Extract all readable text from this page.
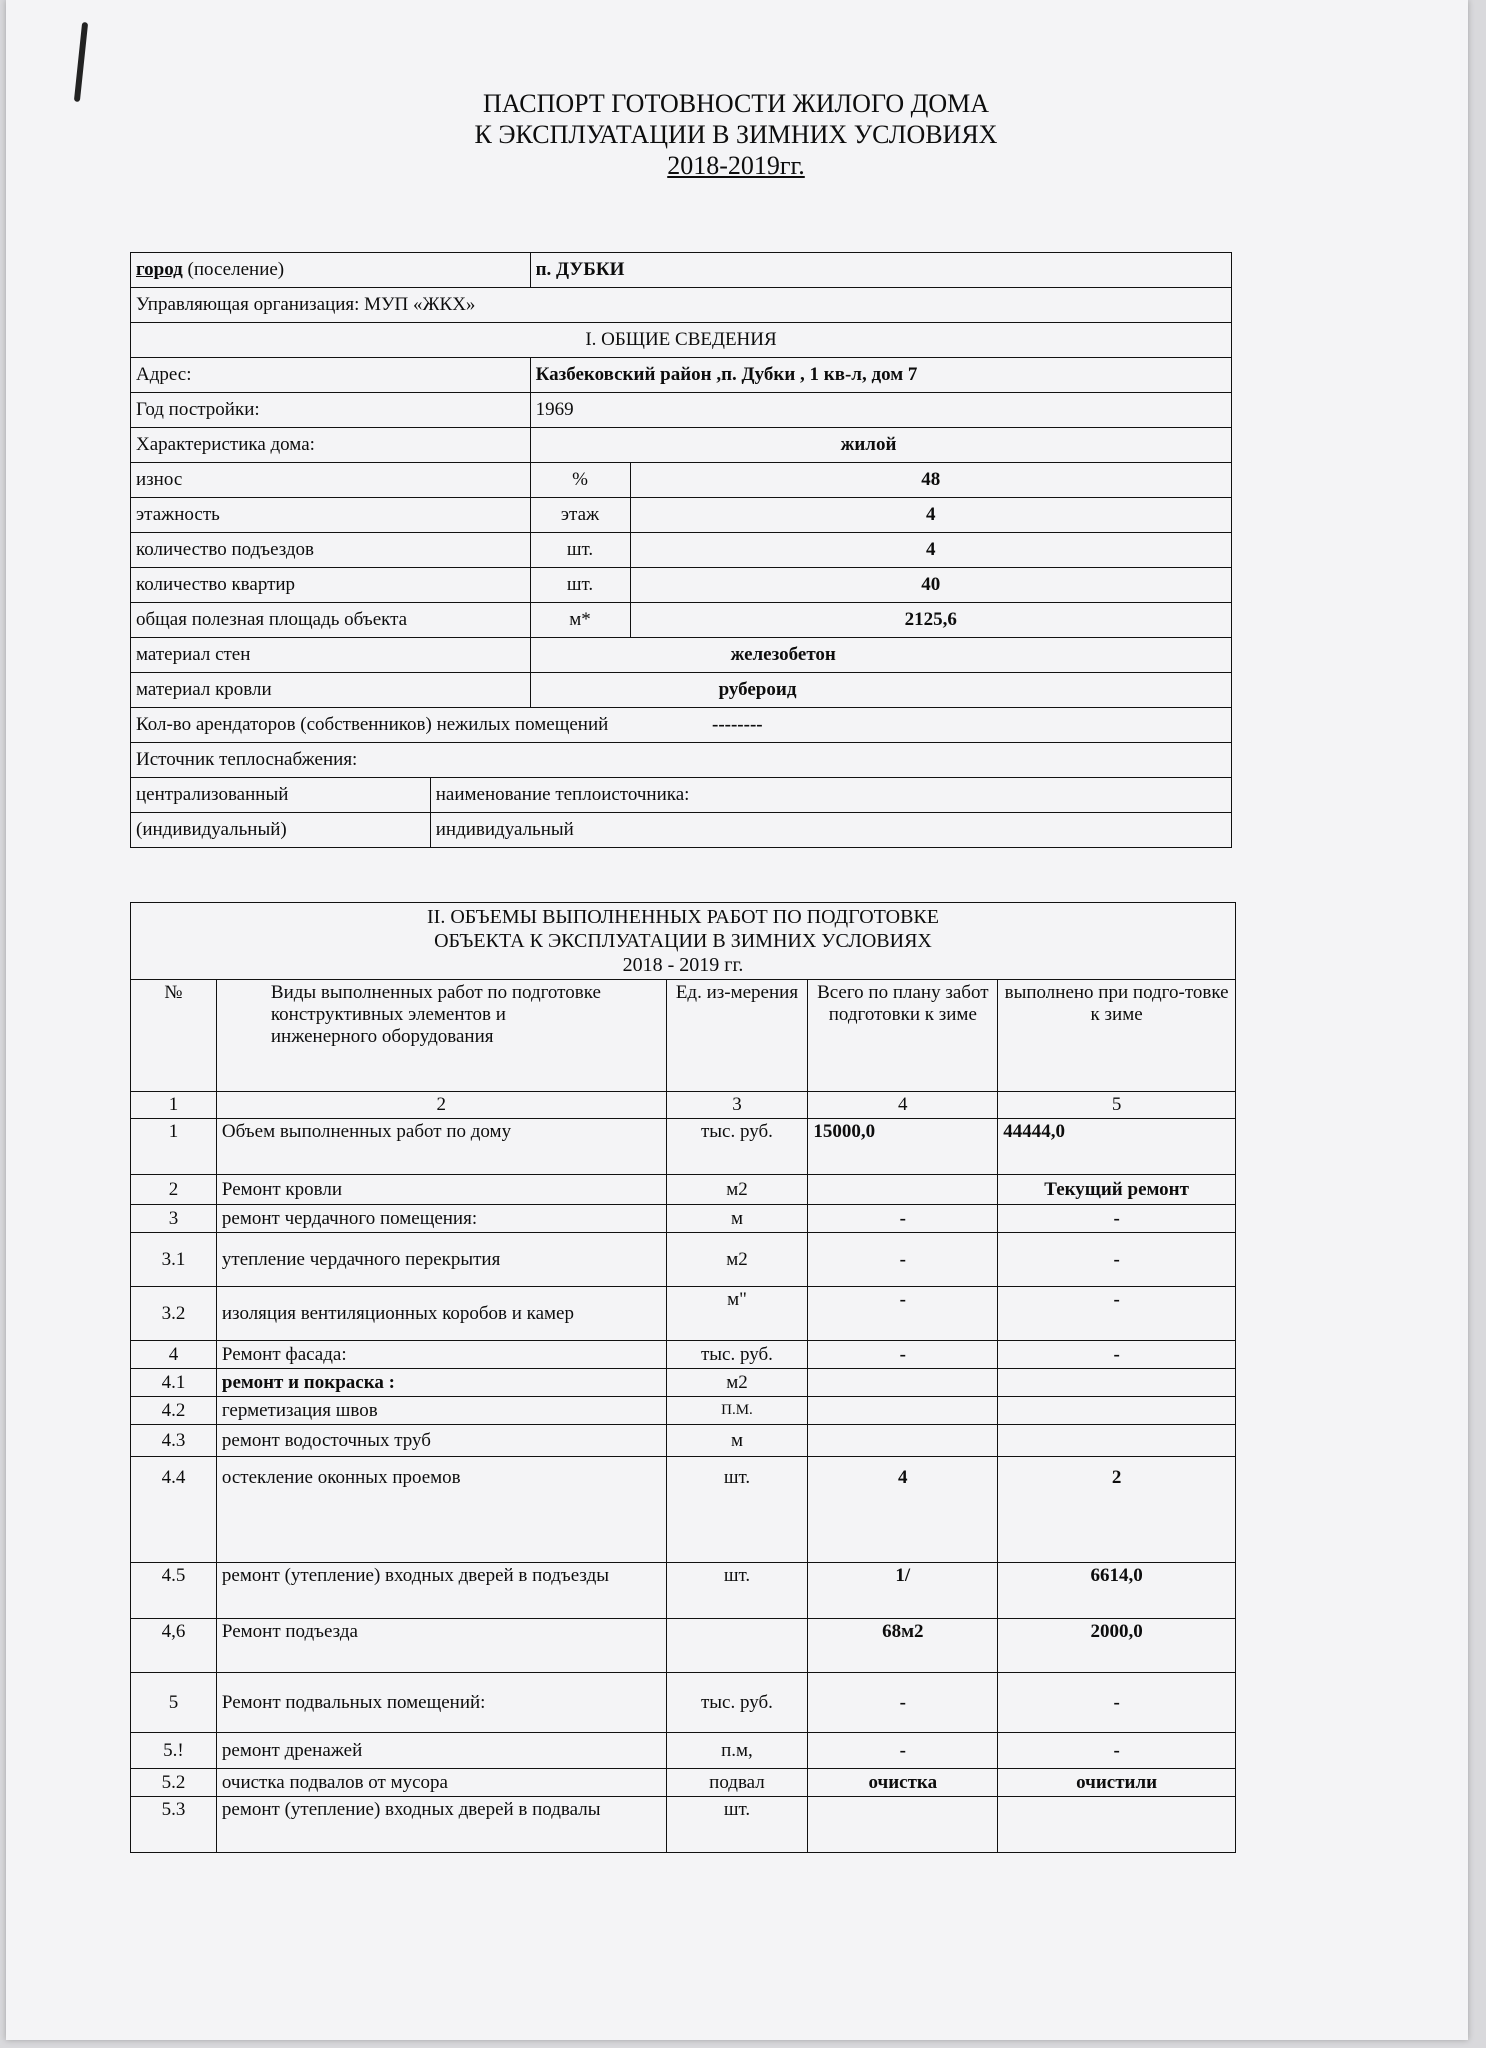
ПАСПОРТ ГОТОВНОСТИ ЖИЛОГО ДОМА
К ЭКСПЛУАТАЦИИ В ЗИМНИХ УСЛОВИЯХ
2018-2019гг.
город (поселение)		п. ДУБКИ	
Управляющая организация: МУП «ЖКХ»			
I. ОБЩИЕ СВЕДЕНИЯ			
Адрес:		Казбековский район ,п. Дубки , 1 кв-л, дом 7	
Год постройки:		1969	
Характеристика дома:		жилой	
износ		%	48
этажность		этаж	4
количество подъездов		шт.	4
количество квартир		шт.	40
общая полезная площадь объекта		м*	2125,6
материал стен		железобетон	
материал кровли		рубероид	
Кол-во арендаторов (собственников) нежилых помещений			--------
Источник теплоснабжения:			
централизованный	наименование теплоисточника:		
(индивидуальный)	индивидуальный		
II. ОБЪЕМЫ ВЫПОЛНЕННЫХ РАБОТ ПО ПОДГОТОВКЕ
ОБЪЕКТА К ЭКСПЛУАТАЦИИ В ЗИМНИХ УСЛОВИЯХ
2018 - 2019 гг.				

№	Виды выполненных работ по подготовке конструктивных элементов и инженерного оборудования	Ед. из-мерения	Всего по плану забот подготовки к зиме	выполнено при подго-товке к зиме
1	2	3	4	5
1	Объем выполненных работ по дому	тыс. руб.	15000,0	44444,0
2	Ремонт кровли	м2		Текущий ремонт
3	ремонт чердачного помещения:	м	-	-
3.1	утепление чердачного перекрытия	м2	-	-
3.2	изоляция вентиляционных коробов и камер	м"	-	-
4	Ремонт фасада:	тыс. руб.	-	-
4.1	ремонт и покраска :	м2		
4.2	герметизация швов	П.М.		
4.3	ремонт водосточных труб	м		
4.4	остекление оконных проемов	шт.	4	2
4.5	ремонт (утепление) входных дверей в подъезды	шт.	1/	6614,0
4,6	Ремонт подъезда		68м2	2000,0
5	Ремонт подвальных помещений:	тыс. руб.	-	-
5.!	ремонт дренажей	п.м,	-	-
5.2	очистка подвалов от мусора	подвал	очистка	очистили
5.3	ремонт (утепление) входных дверей в подвалы	шт.		
